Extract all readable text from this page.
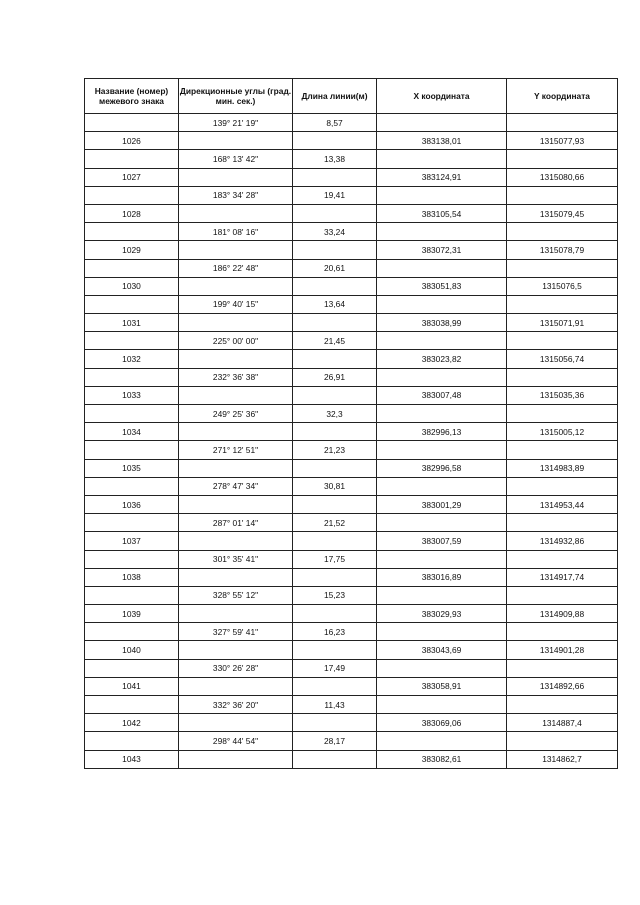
Название (номер) межевого знака	Дирекционные углы (град. мин. сек.)	Длина линии(м)	X координата	Y координата
	139° 21' 19"	8,57		
1026			383138,01	1315077,93
	168° 13' 42"	13,38		
1027			383124,91	1315080,66
	183° 34' 28"	19,41		
1028			383105,54	1315079,45
	181° 08' 16"	33,24		
1029			383072,31	1315078,79
	186° 22' 48"	20,61		
1030			383051,83	1315076,5
	199° 40' 15"	13,64		
1031			383038,99	1315071,91
	225° 00' 00"	21,45		
1032			383023,82	1315056,74
	232° 36' 38"	26,91		
1033			383007,48	1315035,36
	249° 25' 36"	32,3		
1034			382996,13	1315005,12
	271° 12' 51"	21,23		
1035			382996,58	1314983,89
	278° 47' 34"	30,81		
1036			383001,29	1314953,44
	287° 01' 14"	21,52		
1037			383007,59	1314932,86
	301° 35' 41"	17,75		
1038			383016,89	1314917,74
	328° 55' 12"	15,23		
1039			383029,93	1314909,88
	327° 59' 41"	16,23		
1040			383043,69	1314901,28
	330° 26' 28"	17,49		
1041			383058,91	1314892,66
	332° 36' 20"	11,43		
1042			383069,06	1314887,4
	298° 44' 54"	28,17		
1043			383082,61	1314862,7
